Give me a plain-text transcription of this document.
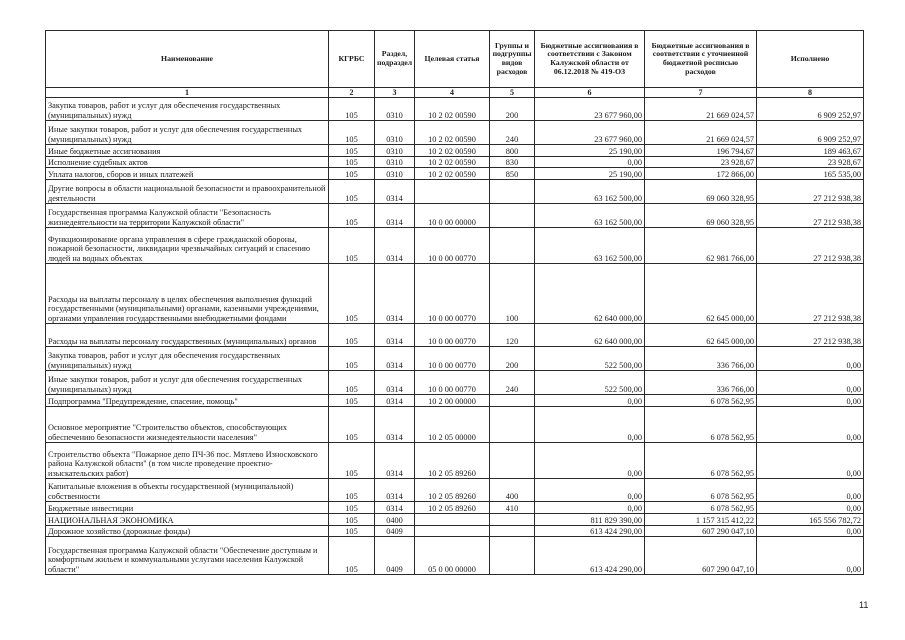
Наименование	КГРБС	Раздел, подраздел	Целевая статья	Группы и подгруппы видов расходов	Бюджетные ассигнования в соответствии с Законом Калужской области от 06.12.2018 № 419-ОЗ	Бюджетные ассигнования в соответствии с уточненной бюджетной росписью расходов	Исполнено
1	2	3	4	5	6	7	8
Закупка товаров, работ и услуг для обеспечения государственных (муниципальных) нужд	105	0310	10 2 02 00590	200	23 677 960,00	21 669 024,57	6 909 252,97
Иные закупки товаров, работ и услуг для обеспечения государственных (муниципальных) нужд	105	0310	10 2 02 00590	240	23 677 960,00	21 669 024,57	6 909 252,97
Иные бюджетные ассигнования	105	0310	10 2 02 00590	800	25 190,00	196 794,67	189 463,67
Исполнение судебных актов	105	0310	10 2 02 00590	830	0,00	23 928,67	23 928,67
Уплата налогов, сборов и иных платежей	105	0310	10 2 02 00590	850	25 190,00	172 866,00	165 535,00
Другие вопросы в области национальной безопасности и правоохранительной деятельности	105	0314			63 162 500,00	69 060 328,95	27 212 938,38
Государственная программа Калужской области "Безопасность жизнедеятельности на территории Калужской области"	105	0314	10 0 00 00000		63 162 500,00	69 060 328,95	27 212 938,38
Функционирование органа управления в сфере гражданской обороны, пожарной безопасности, ликвидации чрезвычайных ситуаций и спасению людей на водных объектах	105	0314	10 0 00 00770		63 162 500,00	62 981 766,00	27 212 938,38
Расходы на выплаты персоналу в целях обеспечения выполнения функций государственными (муниципальными) органами, казенными учреждениями, органами управления государственными внебюджетными фондами	105	0314	10 0 00 00770	100	62 640 000,00	62 645 000,00	27 212 938,38
Расходы на выплаты персоналу государственных (муниципальных) органов	105	0314	10 0 00 00770	120	62 640 000,00	62 645 000,00	27 212 938,38
Закупка товаров, работ и услуг для обеспечения государственных (муниципальных) нужд	105	0314	10 0 00 00770	200	522 500,00	336 766,00	0,00
Иные закупки товаров, работ и услуг для обеспечения государственных (муниципальных) нужд	105	0314	10 0 00 00770	240	522 500,00	336 766,00	0,00
Подпрограмма "Предупреждение, спасение, помощь"	105	0314	10 2 00 00000		0,00	6 078 562,95	0,00
Основное мероприятие "Строительство объектов, способствующих обеспечению безопасности жизнедеятельности населения"	105	0314	10 2 05 00000		0,00	6 078 562,95	0,00
Строительство объекта "Пожарное депо ПЧ-36 пос. Мятлево Износковского района Калужской области" (в том числе проведение проектно-изыскательских работ)	105	0314	10 2 05 89260		0,00	6 078 562,95	0,00
Капитальные вложения в объекты государственной (муниципальной) собственности	105	0314	10 2 05 89260	400	0,00	6 078 562,95	0,00
Бюджетные инвестиции	105	0314	10 2 05 89260	410	0,00	6 078 562,95	0,00
НАЦИОНАЛЬНАЯ ЭКОНОМИКА	105	0400			811 829 390,00	1 157 315 412,22	165 556 782,72
Дорожное хозяйство (дорожные фонды)	105	0409			613 424 290,00	607 290 047,10	0,00
Государственная программа Калужской области "Обеспечение доступным и комфортным жильем и коммунальными услугами населения Калужской области"	105	0409	05 0 00 00000		613 424 290,00	607 290 047,10	0,00
11
